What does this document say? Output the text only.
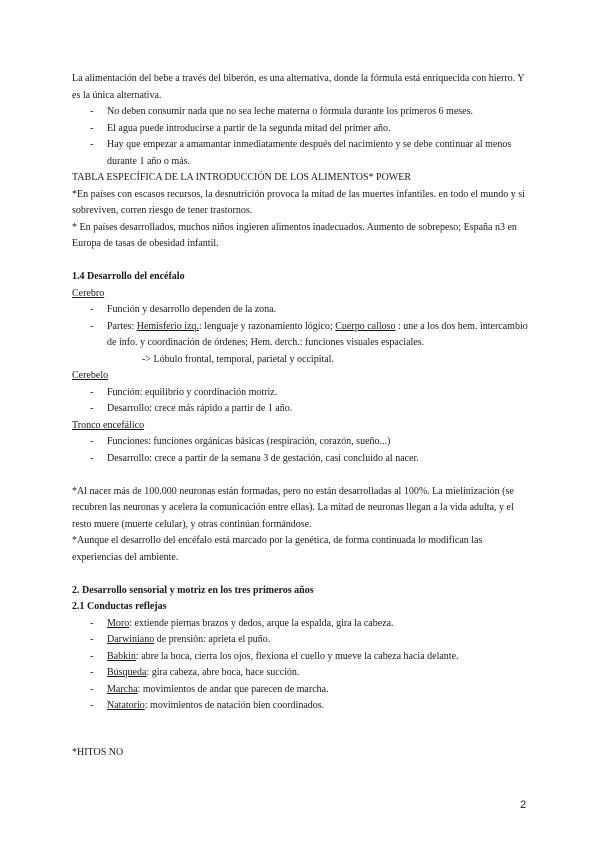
La alimentación del bebe a través del biberón, es una alternativa, donde la fórmula está enriquecida con hierro. Y es la única alternativa.

- No deben consumir nada que no sea leche materna o fórmula durante los primeros 6 meses.
- El agua puede introducirse a partir de la segunda mitad del primer año.
- Hay que empezar a amamantar inmediatamente después del nacimiento y se debe continuar al menos durante 1 año o más.

TABLA ESPECÍFICA DE LA INTRODUCCIÓN DE LOS ALIMENTOS* POWER

*En países con escasos recursos, la desnutrición provoca la mitad de las muertes infantiles. en todo el mundo y si sobreviven, corren riesgo de tener trastornos.

* En países desarrollados, muchos niños ingieren alimentos inadecuados. Aumento de sobrepeso; España n3 en Europa de tasas de obesidad infantil.

1.4 Desarrollo del encéfalo

Cerebro

- Función y desarrollo dependen de la zona.
- Partes: Hemisferio izq.: lenguaje y razonamiento lógico; Cuerpo calloso : une a los dos hem. intercambio de info. y coordinación de órdenes; Hem. derch.: funciones visuales espaciales.

-> Lóbulo frontal, temporal, parietal y occipital.

Cerebelo

- Función: equilibrio y coordinación motriz.
- Desarrollo: crece más rápido a partir de 1 año.

Tronco encefálico

- Funciones: funciones orgánicas básicas (respiración, corazón, sueño...)
- Desarrollo: crece a partir de la semana 3 de gestación, casi concluido al nacer.

*Al nacer más de 100.000 neuronas están formadas, pero no están desarrolladas al 100%. La mielinización (se recubren las neuronas y acelera la comunicación entre ellas). La mitad de neuronas llegan a la vida adulta, y el resto muere (muerte celular), y otras continúan formándose.

*Aunque el desarrollo del encéfalo está marcado por la genética, de forma continuada lo modifican las experiencias del ambiente.

2. Desarrollo sensorial y motriz en los tres primeros años

2.1 Conductas reflejas

- Moro: extiende piernas brazos y dedos, arque la espalda, gira la cabeza.
- Darwiniano de prensión: aprieta el puño.
- Babkin: abre la boca, cierra los ojos, flexiona el cuello y mueve la cabeza hacia delante.
- Búsqueda: gira cabeza, abre boca, hace succión.
- Marcha: movimientos de andar que parecen de marcha.
- Natatorio: movimientos de natación bien coordinados.

*HITOS NO

2
